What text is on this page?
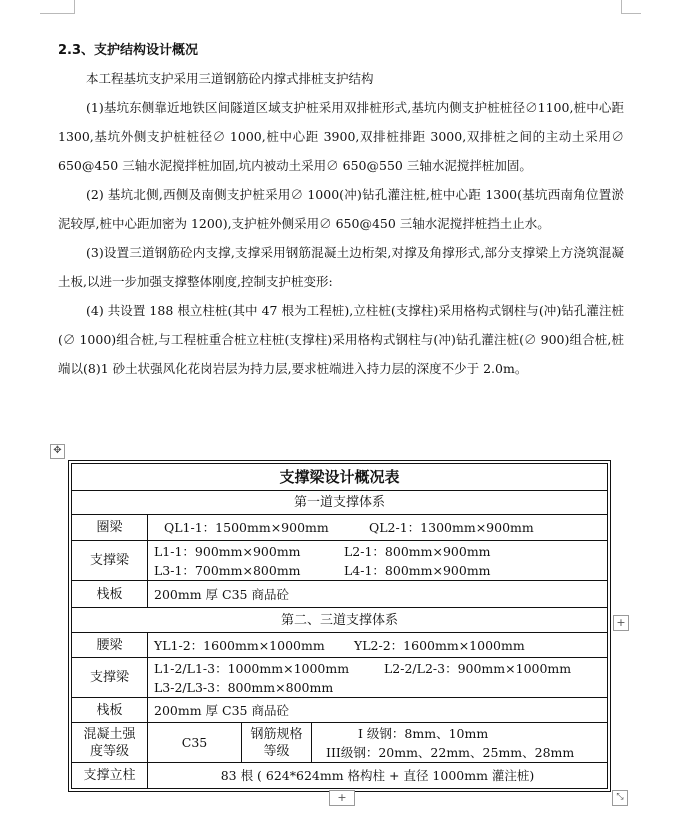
2.3、支护结构设计概况

本工程基坑支护采用三道钢筋砼内撑式排桩支护结构

(1)基坑东侧靠近地铁区间隧道区域支护桩采用双排桩形式,基坑内侧支护桩桩径∅1100,桩中心距 1300,基坑外侧支护桩桩径∅ 1000,桩中心距 3900,双排桩排距 3000,双排桩之间的主动土采用∅ 650@450 三轴水泥搅拌桩加固,坑内被动土采用∅ 650@550 三轴水泥搅拌桩加固。

(2) 基坑北侧,西侧及南侧支护桩采用∅ 1000(冲)钻孔灌注桩,桩中心距 1300(基坑西南角位置淤泥较厚,桩中心距加密为 1200),支护桩外侧采用∅ 650@450 三轴水泥搅拌桩挡土止水。

(3)设置三道钢筋砼内支撑,支撑采用钢筋混凝土边桁架,对撑及角撑形式,部分支撑梁上方浇筑混凝土板,以进一步加强支撑整体刚度,控制支护桩变形:

(4) 共设置 188 根立柱桩(其中 47 根为工程桩),立柱桩(支撑柱)采用格构式钢柱与(冲)钻孔灌注桩(∅ 1000)组合桩,与工程桩重合桩立柱桩(支撑柱)采用格构式钢柱与(冲)钻孔灌注桩(∅ 900)组合桩,桩端以(8)1 砂土状强风化花岗岩层为持力层,要求桩端进入持力层的深度不少于 2.0m。

✥
支撑梁设计概况表			
第一道支撑体系			
圈梁	QL1-1：1500mm×900mm QL2-1：1300mm×900mm		

支撑梁	L1-1：900mm×900mm L2-1：800mm×900mm
L3-1：700mm×800mm L4-1：800mm×900mm		

栈板	200mm 厚 C35 商品砼		
第二、三道支撑体系			
腰梁	YL1-2：1600mm×1000mm YL2-2：1600mm×1000mm		

支撑梁	L1-2/L1-3：1000mm×1000mm L2-2/L2-3：900mm×1000mm
L3-2/L3-3：800mm×800mm		

栈板	200mm 厚 C35 商品砼		
混凝土强度等级	C35	钢筋规格等级	I 级钢：8mm、10mm
III级钢：20mm、22mm、25mm、28mm

支撑立柱	83 根 ( 624*624mm 格构柱 + 直径 1000mm 灌注桩)		
+
+	⤡
